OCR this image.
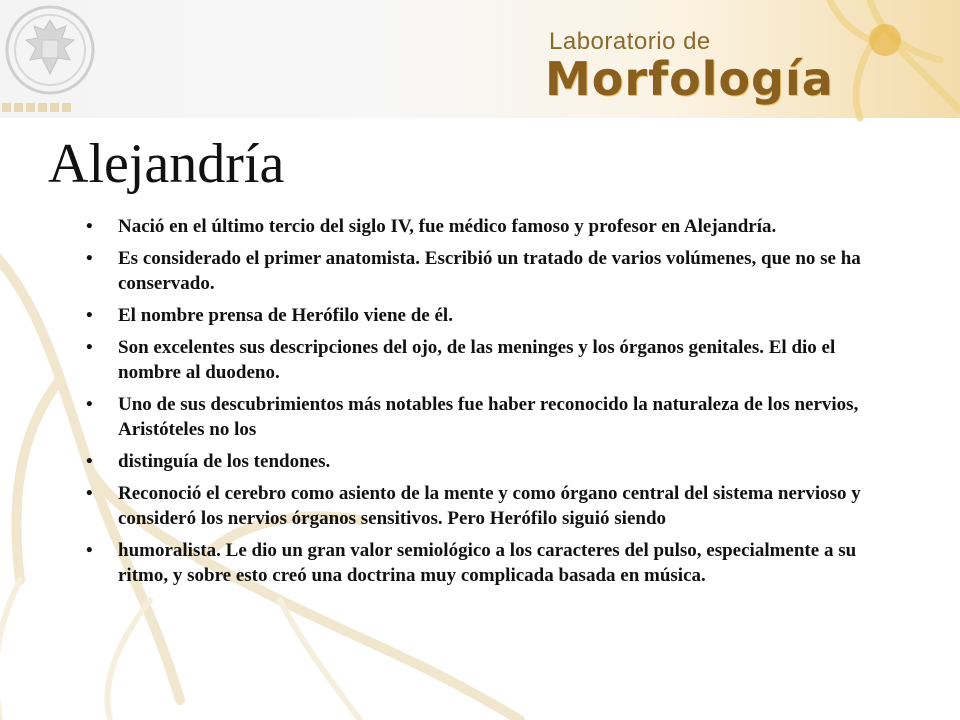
Laboratorio de
Morfología
Alejandría
• Nació en el último tercio del siglo IV, fue médico famoso y profesor en Alejandría.
• Es considerado el primer anatomista. Escribió un tratado de varios volúmenes, que no se ha conservado.
• El nombre prensa de Herófilo viene de él.
• Son excelentes sus descripciones del ojo, de las meninges y los órganos genitales. El dio el nombre al duodeno.
• Uno de sus descubrimientos más notables fue haber reconocido la naturaleza de los nervios, Aristóteles no los
• distinguía de los tendones.
• Reconoció el cerebro como asiento de la mente y como órgano central del sistema nervioso y consideró los nervios órganos sensitivos. Pero Herófilo siguió siendo
• humoralista. Le dio un gran valor semiológico a los caracteres del pulso, especialmente a su ritmo, y sobre esto creó una doctrina muy complicada basada en música.
